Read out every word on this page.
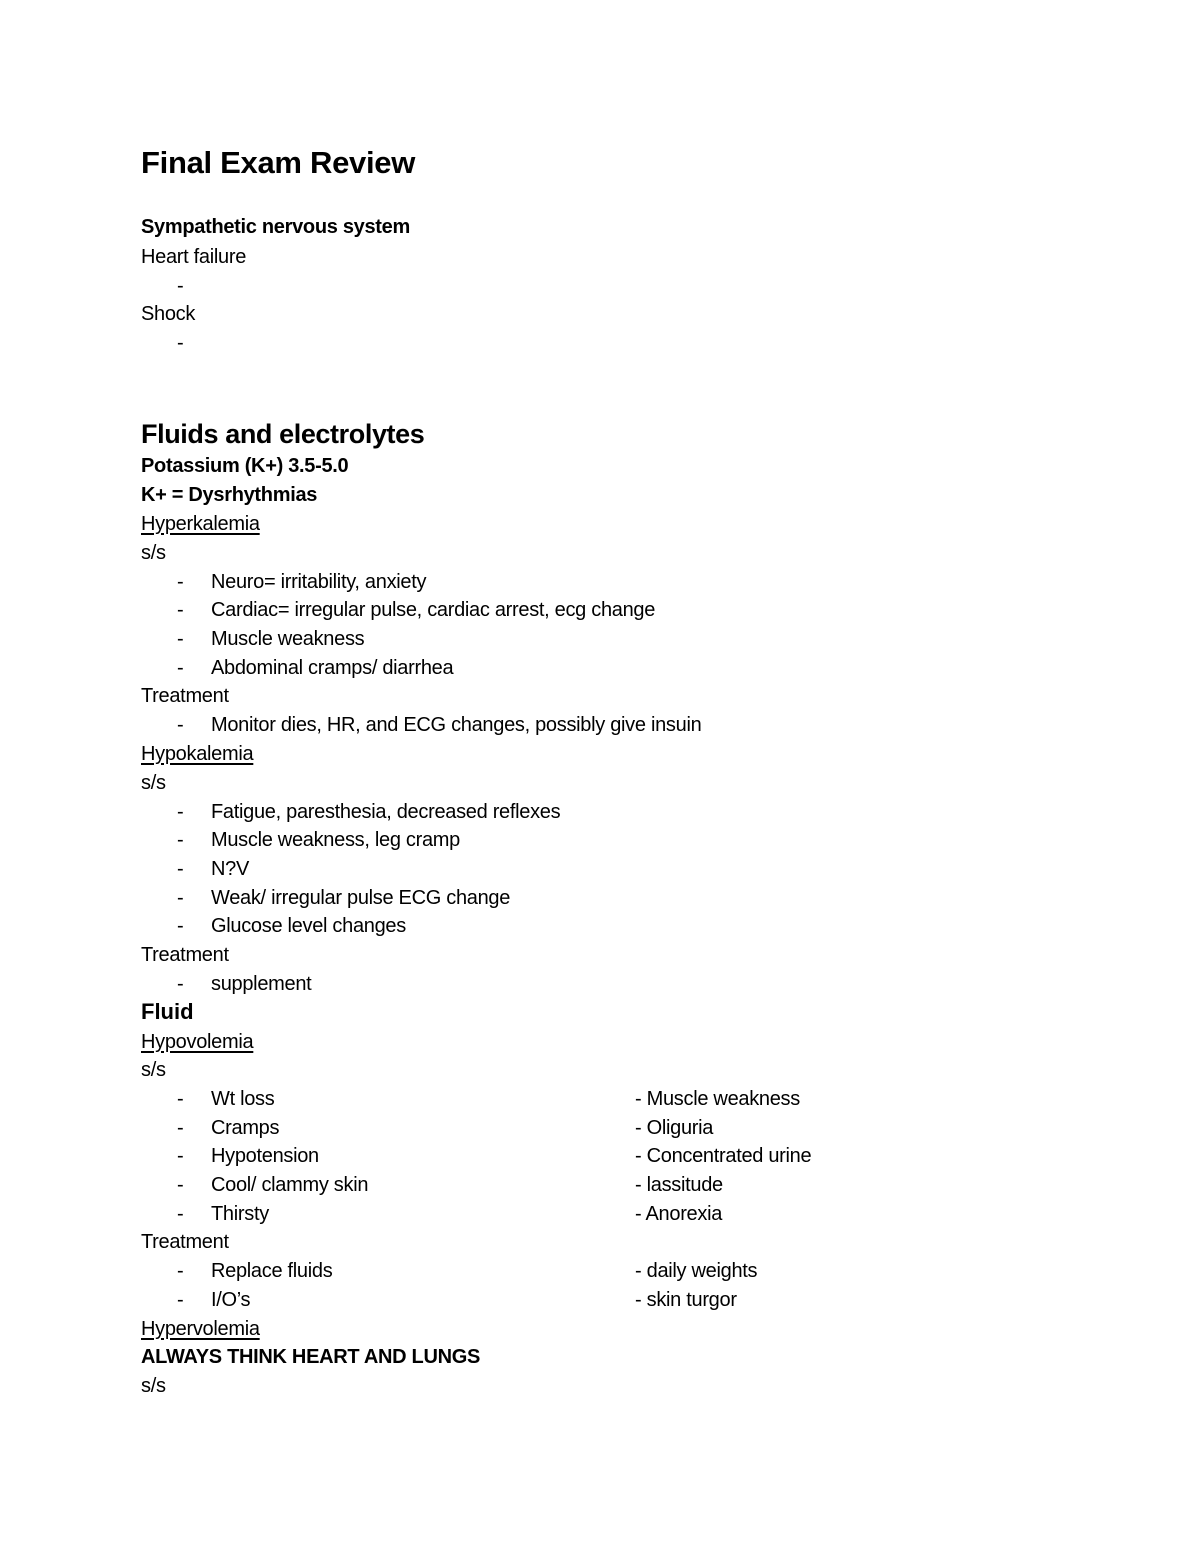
Final Exam Review
Sympathetic nervous system
Heart failure
-
Shock
-
Fluids and electrolytes
Potassium (K+) 3.5-5.0
K+ = Dysrhythmias
Hyperkalemia
s/s
- Neuro= irritability, anxiety
- Cardiac= irregular pulse, cardiac arrest, ecg change
- Muscle weakness
- Abdominal cramps/ diarrhea
Treatment
- Monitor dies, HR, and ECG changes, possibly give insuin
Hypokalemia
s/s
- Fatigue, paresthesia, decreased reflexes
- Muscle weakness, leg cramp
- N?V
- Weak/ irregular pulse ECG change
- Glucose level changes
Treatment
- supplement
Fluid
Hypovolemia
s/s
- Wt loss	- Muscle weakness
- Cramps	- Oliguria
- Hypotension	- Concentrated urine
- Cool/ clammy skin	- lassitude
- Thirsty	- Anorexia
Treatment
- Replace fluids	- daily weights
- I/O’s	- skin turgor
Hypervolemia
ALWAYS THINK HEART AND LUNGS
s/s
